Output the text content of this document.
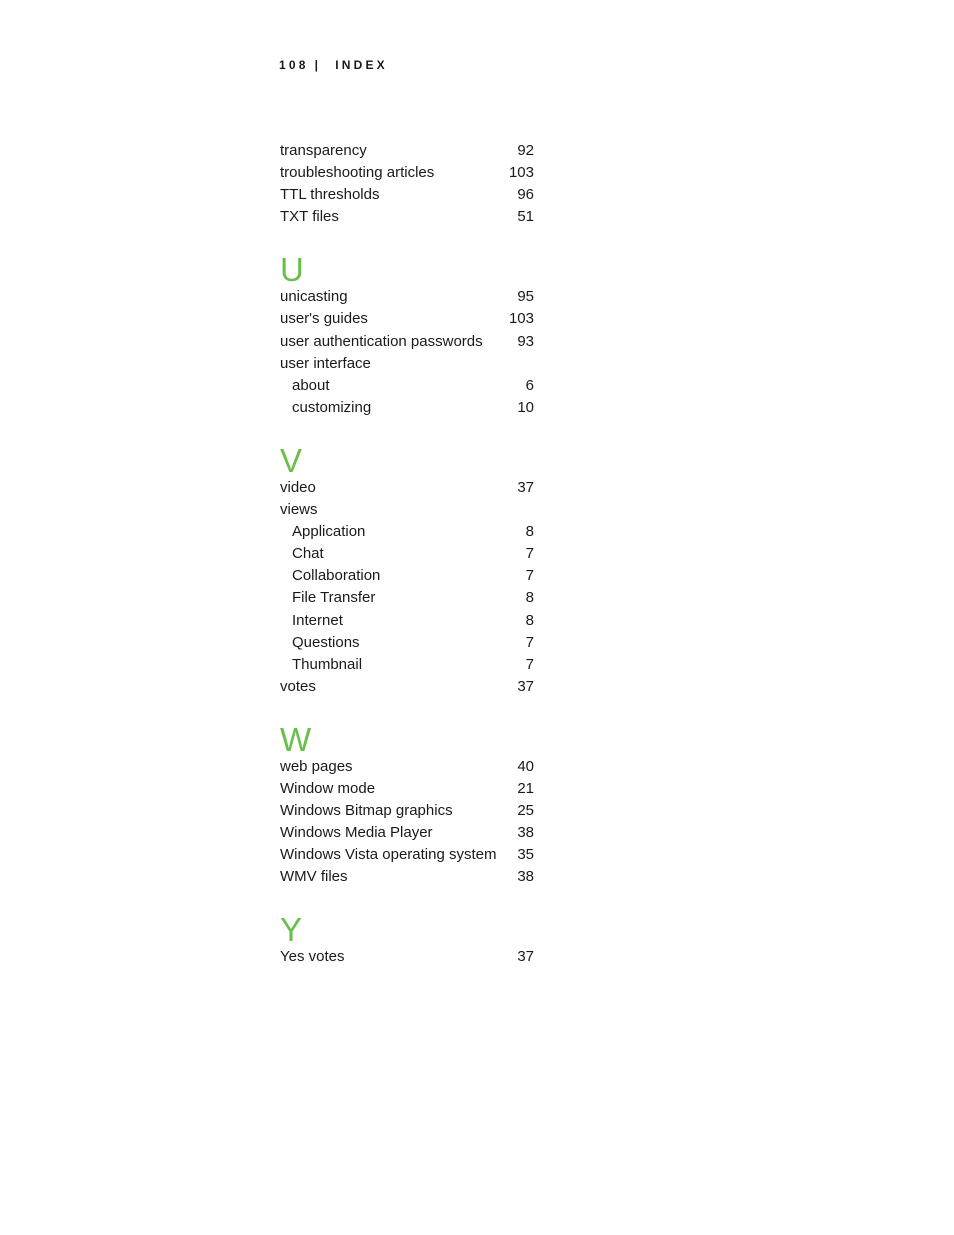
108 | INDEX
transparency	92
troubleshooting articles	103
TTL thresholds	96
TXT files	51
U
unicasting	95
user's guides	103
user authentication passwords 93
user interface
about	6
customizing	10
V
video	37
views
Application	8
Chat	7
Collaboration	7
File Transfer	8
Internet	8
Questions	7
Thumbnail	7
votes	37
W
web pages	40
Window mode	21
Windows Bitmap graphics	25
Windows Media Player	38
Windows Vista operating system 35
WMV files	38
Y
Yes votes	37
